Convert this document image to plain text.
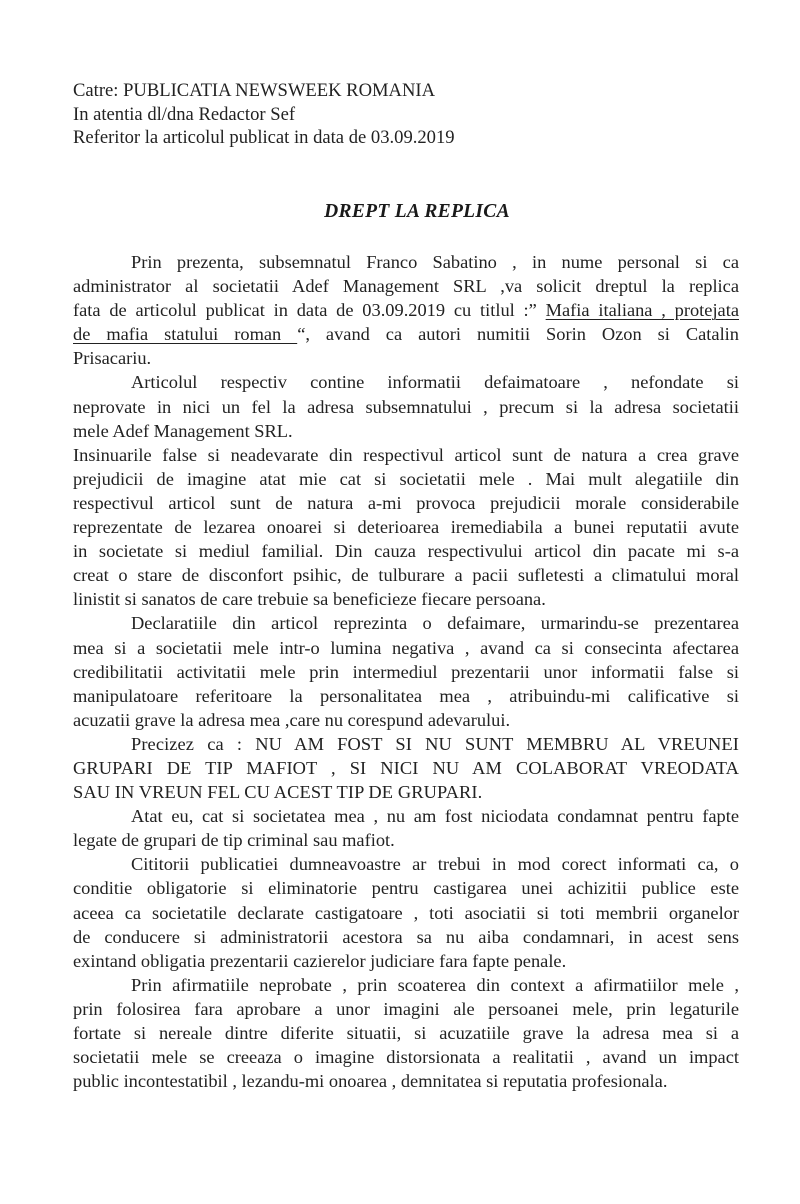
Catre: PUBLICATIA NEWSWEEK ROMANIA
In atentia dl/dna Redactor Sef
Referitor la articolul publicat in data de 03.09.2019
DREPT LA REPLICA
Prin prezenta, subsemnatul Franco Sabatino , in nume personal si ca
administrator al societatii Adef Management SRL ,va solicit dreptul la replica
fata de articolul publicat in data de 03.09.2019 cu titlul :” Mafia italiana , protejata
de mafia statului roman “, avand ca autori numitii Sorin Ozon si Catalin
Prisacariu.
Articolul respectiv contine informatii defaimatoare , nefondate si
neprovate in nici un fel la adresa subsemnatului , precum si la adresa societatii
mele Adef Management SRL.
Insinuarile false si neadevarate din respectivul articol sunt de natura a crea grave
prejudicii de imagine atat mie cat si societatii mele . Mai mult alegatiile din
respectivul articol sunt de natura a-mi provoca prejudicii morale considerabile
reprezentate de lezarea onoarei si deterioarea iremediabila a bunei reputatii avute
in societate si mediul familial. Din cauza respectivului articol din pacate mi s-a
creat o stare de disconfort psihic, de tulburare a pacii sufletesti a climatului moral
linistit si sanatos de care trebuie sa beneficieze fiecare persoana.
Declaratiile din articol reprezinta o defaimare, urmarindu-se prezentarea
mea si a societatii mele intr-o lumina negativa , avand ca si consecinta afectarea
credibilitatii activitatii mele prin intermediul prezentarii unor informatii false si
manipulatoare referitoare la personalitatea mea , atribuindu-mi calificative si
acuzatii grave la adresa mea ,care nu corespund adevarului.
Precizez ca : NU AM FOST SI NU SUNT MEMBRU AL VREUNEI
GRUPARI DE TIP MAFIOT , SI NICI NU AM COLABORAT VREODATA
SAU IN VREUN FEL CU ACEST TIP DE GRUPARI.
Atat eu, cat si societatea mea , nu am fost niciodata condamnat pentru fapte
legate de grupari de tip criminal sau mafiot.
Cititorii publicatiei dumneavoastre ar trebui in mod corect informati ca, o
conditie obligatorie si eliminatorie pentru castigarea unei achizitii publice este
aceea ca societatile declarate castigatoare , toti asociatii si toti membrii organelor
de conducere si administratorii acestora sa nu aiba condamnari, in acest sens
exintand obligatia prezentarii cazierelor judiciare fara fapte penale.
Prin afirmatiile neprobate , prin scoaterea din context a afirmatiilor mele ,
prin folosirea fara aprobare a unor imagini ale persoanei mele, prin legaturile
fortate si nereale dintre diferite situatii, si acuzatiile grave la adresa mea si a
societatii mele se creeaza o imagine distorsionata a realitatii , avand un impact
public incontestatibil , lezandu-mi onoarea , demnitatea si reputatia profesionala.
